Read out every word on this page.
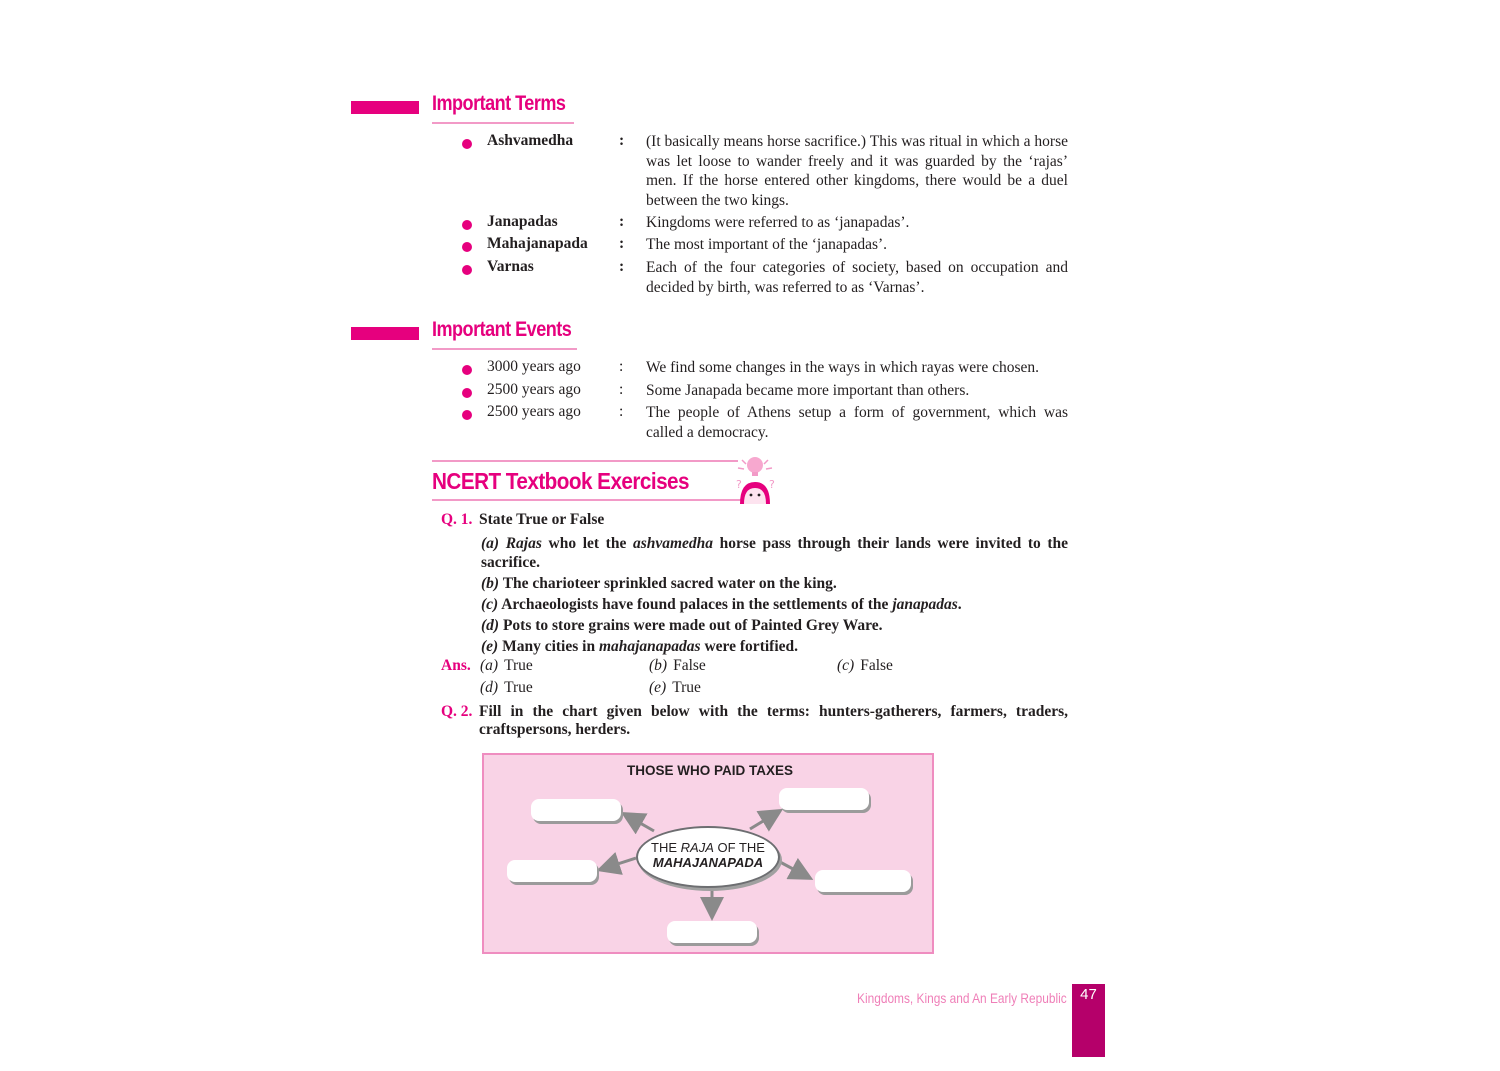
Important Terms
Ashvamedha	: (It basically means horse sacrifice.) This was ritual in which a horse was let loose to wander freely and it was guarded by the ‘rajas’ men. If the horse entered other kingdoms, there would be a duel between the two kings.
Janapadas	: Kingdoms were referred to as ‘janapadas’.
Mahajanapada : The most important of the ‘janapadas’.
Varnas	: Each of the four categories of society, based on occupation and decided by birth, was referred to as ‘Varnas’.
Important Events
3000 years ago : We find some changes in the ways in which rayas were chosen.
2500 years ago : Some Janapada became more important than others.
2500 years ago : The people of Athens setup a form of government, which was called a democracy.
NCERT Textbook Exercises	? ?
Q. 1. State True or False
(a) Rajas who let the ashvamedha horse pass through their lands were invited to the sacrifice.
(b) The charioteer sprinkled sacred water on the king.
(c) Archaeologists have found palaces in the settlements of the janapadas.
(d) Pots to store grains were made out of Painted Grey Ware.
(e) Many cities in mahajanapadas were fortified.
Ans. (a) True	(b) False	(c) False
(d) True	(e) True
Q. 2. Fill in the chart given below with the terms: hunters-gatherers, farmers, traders,
craftspersons, herders.
THOSE WHO PAID TAXES
THE RAJA OF THE
MAHAJANAPADA
Kingdoms, Kings and An Early Republic 47
